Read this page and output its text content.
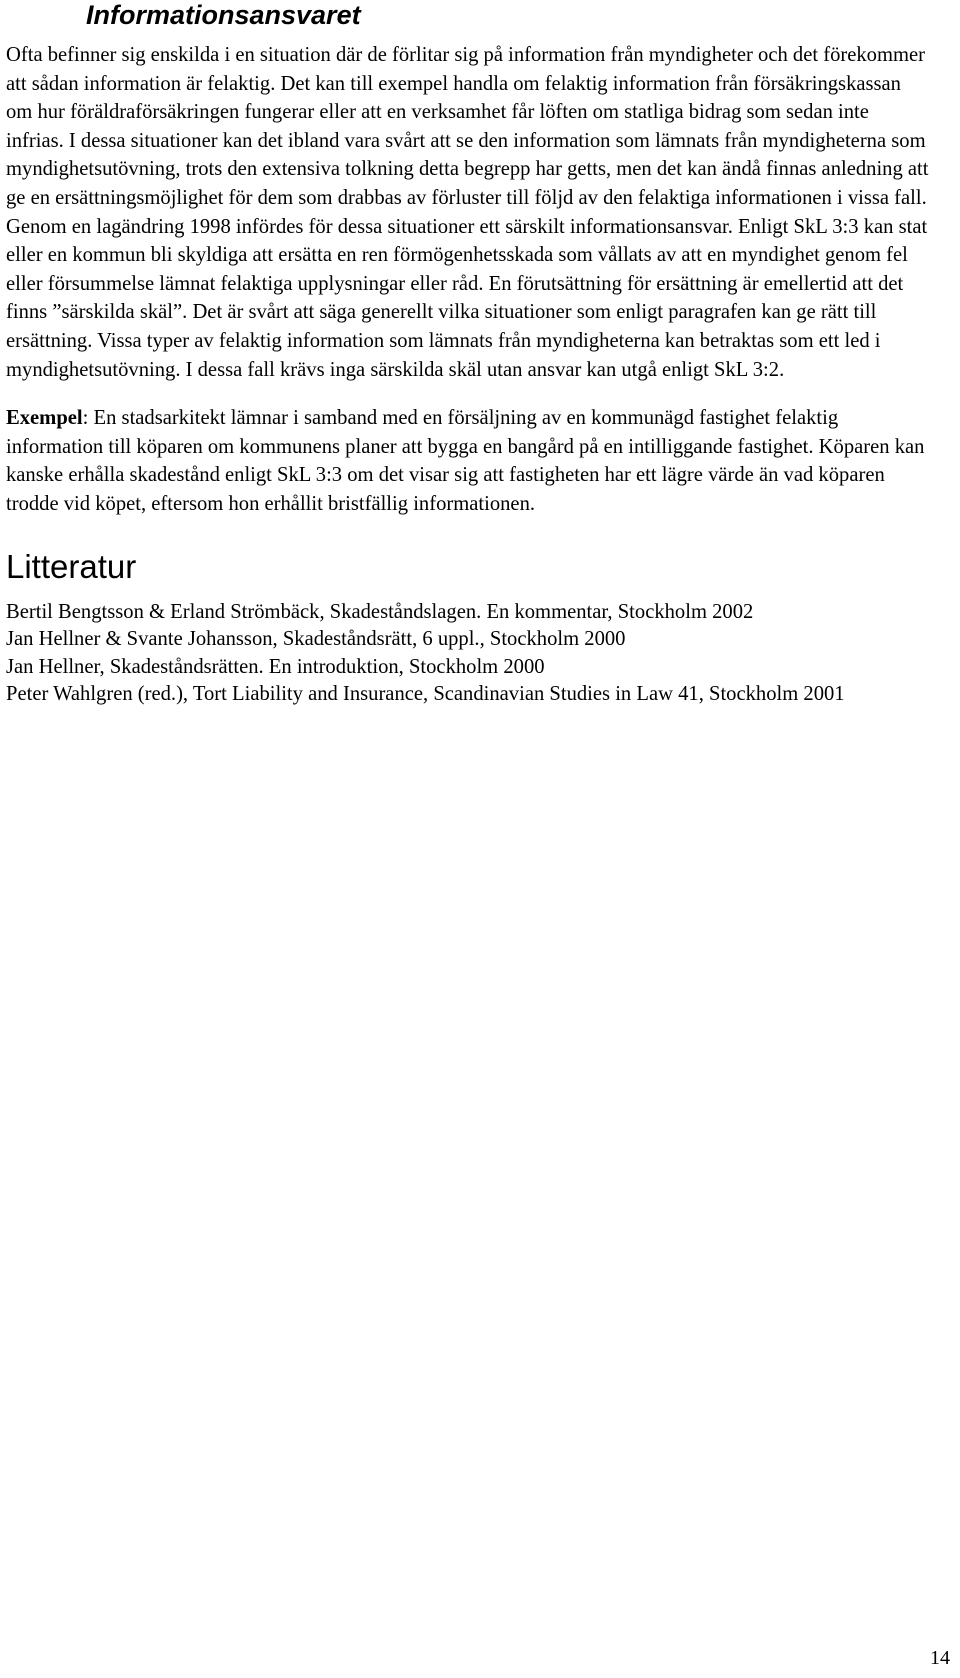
Informationsansvaret

Ofta befinner sig enskilda i en situation där de förlitar sig på information från myndigheter och det förekommer att sådan information är felaktig. Det kan till exempel handla om felaktig information från försäkringskassan om hur föräldraförsäkringen fungerar eller att en verksamhet får löften om statliga bidrag som sedan inte infrias. I dessa situationer kan det ibland vara svårt att se den information som lämnats från myndigheterna som myndighetsutövning, trots den extensiva tolkning detta begrepp har getts, men det kan ändå finnas anledning att ge en ersättningsmöjlighet för dem som drabbas av förluster till följd av den felaktiga informationen i vissa fall. Genom en lagändring 1998 infördes för dessa situationer ett särskilt informationsansvar. Enligt SkL 3:3 kan stat eller en kommun bli skyldiga att ersätta en ren förmögenhetsskada som vållats av att en myndighet genom fel eller försummelse lämnat felaktiga upplysningar eller råd. En förutsättning för ersättning är emellertid att det finns ”särskilda skäl”. Det är svårt att säga generellt vilka situationer som enligt paragrafen kan ge rätt till ersättning. Vissa typer av felaktig information som lämnats från myndigheterna kan betraktas som ett led i myndighetsutövning. I dessa fall krävs inga särskilda skäl utan ansvar kan utgå enligt SkL 3:2.

Exempel: En stadsarkitekt lämnar i samband med en försäljning av en kommunägd fastighet felaktig information till köparen om kommunens planer att bygga en bangård på en intilliggande fastighet. Köparen kan kanske erhålla skadestånd enligt SkL 3:3 om det visar sig att fastigheten har ett lägre värde än vad köparen trodde vid köpet, eftersom hon erhållit bristfällig informationen.

Litteratur
Bertil Bengtsson & Erland Strömbäck, Skadeståndslagen. En kommentar, Stockholm 2002
Jan Hellner & Svante Johansson, Skadeståndsrätt, 6 uppl., Stockholm 2000
Jan Hellner, Skadeståndsrätten. En introduktion, Stockholm 2000
Peter Wahlgren (red.), Tort Liability and Insurance, Scandinavian Studies in Law 41, Stockholm 2001
14
